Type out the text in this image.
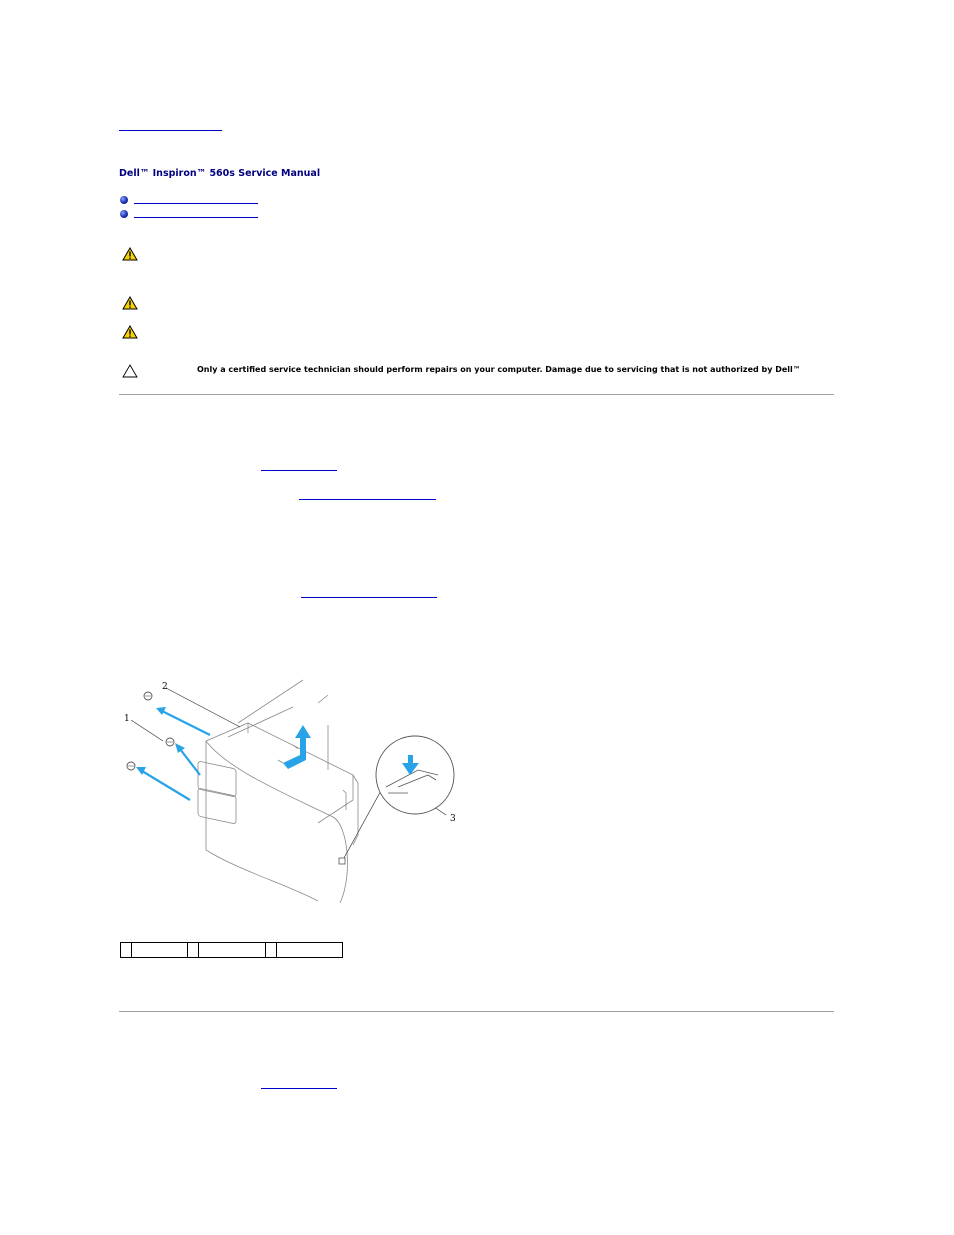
Dell™ Inspiron™ 560s Service Manual
Only a certified service technician should perform repairs on your computer. Damage due to servicing that is not authorized by Dell™
2
1
3
